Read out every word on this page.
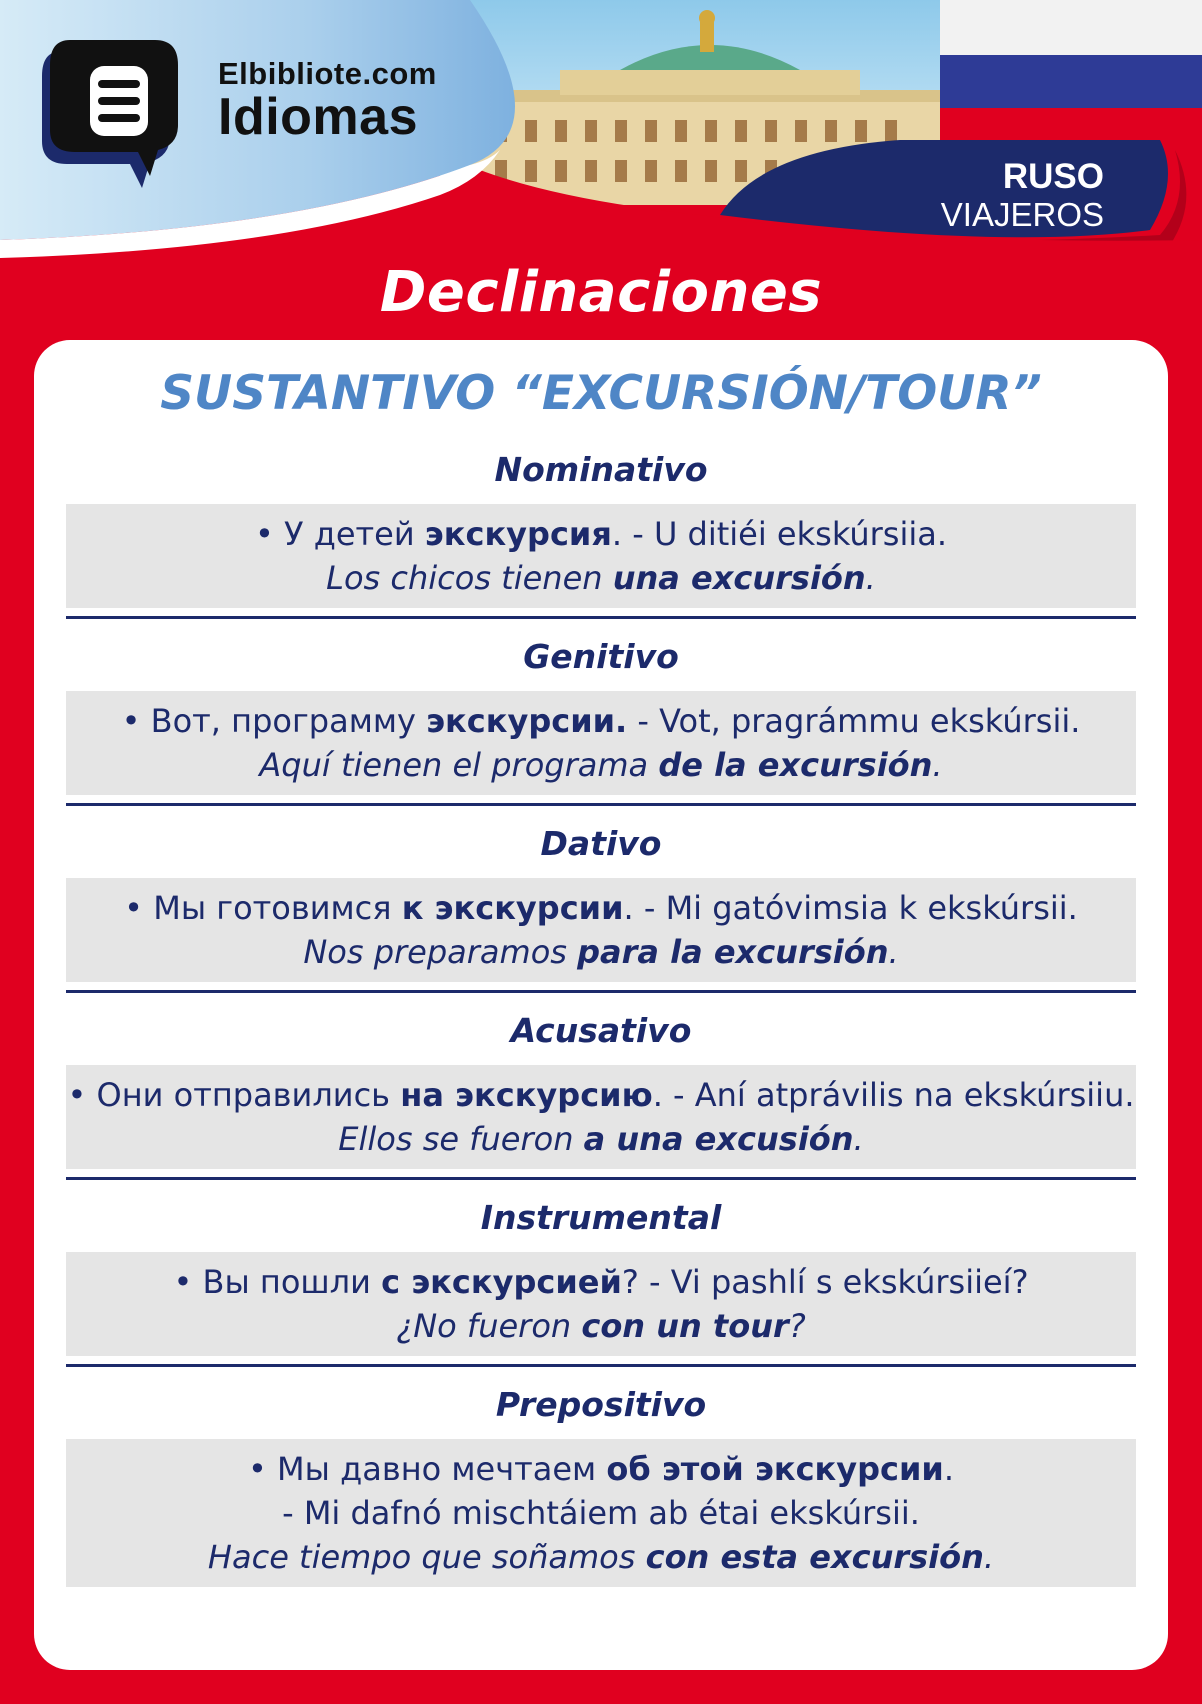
Elbibliote.com
Idiomas
RUSO
VIAJEROS
Declinaciones
SUSTANTIVO “EXCURSIÓN/TOUR”
Nominativo
• У детей экскурсия. - U ditiéi ekskúrsiia.
Los chicos tienen una excursión.
Genitivo
• Вот, программу экскурсии. - Vot, pragrámmu ekskúrsii.
Aquí tienen el programa de la excursión.
Dativo
• Мы готовимся к экскурсии. - Mi gatóvimsia k ekskúrsii.
Nos preparamos para la excursión.
Acusativo
• Они отправились на экскурсию. - Aní atprávilis na ekskúrsiiu.
Ellos se fueron a una excusión.
Instrumental
• Вы пошли с экскурсией? - Vi pashlí s ekskúrsiieí?
¿No fueron con un tour?
Prepositivo
• Мы давно мечтаем об этой экскурсии.
- Mi dafnó mischtáiem ab étai ekskúrsii.
Hace tiempo que soñamos con esta excursión.
